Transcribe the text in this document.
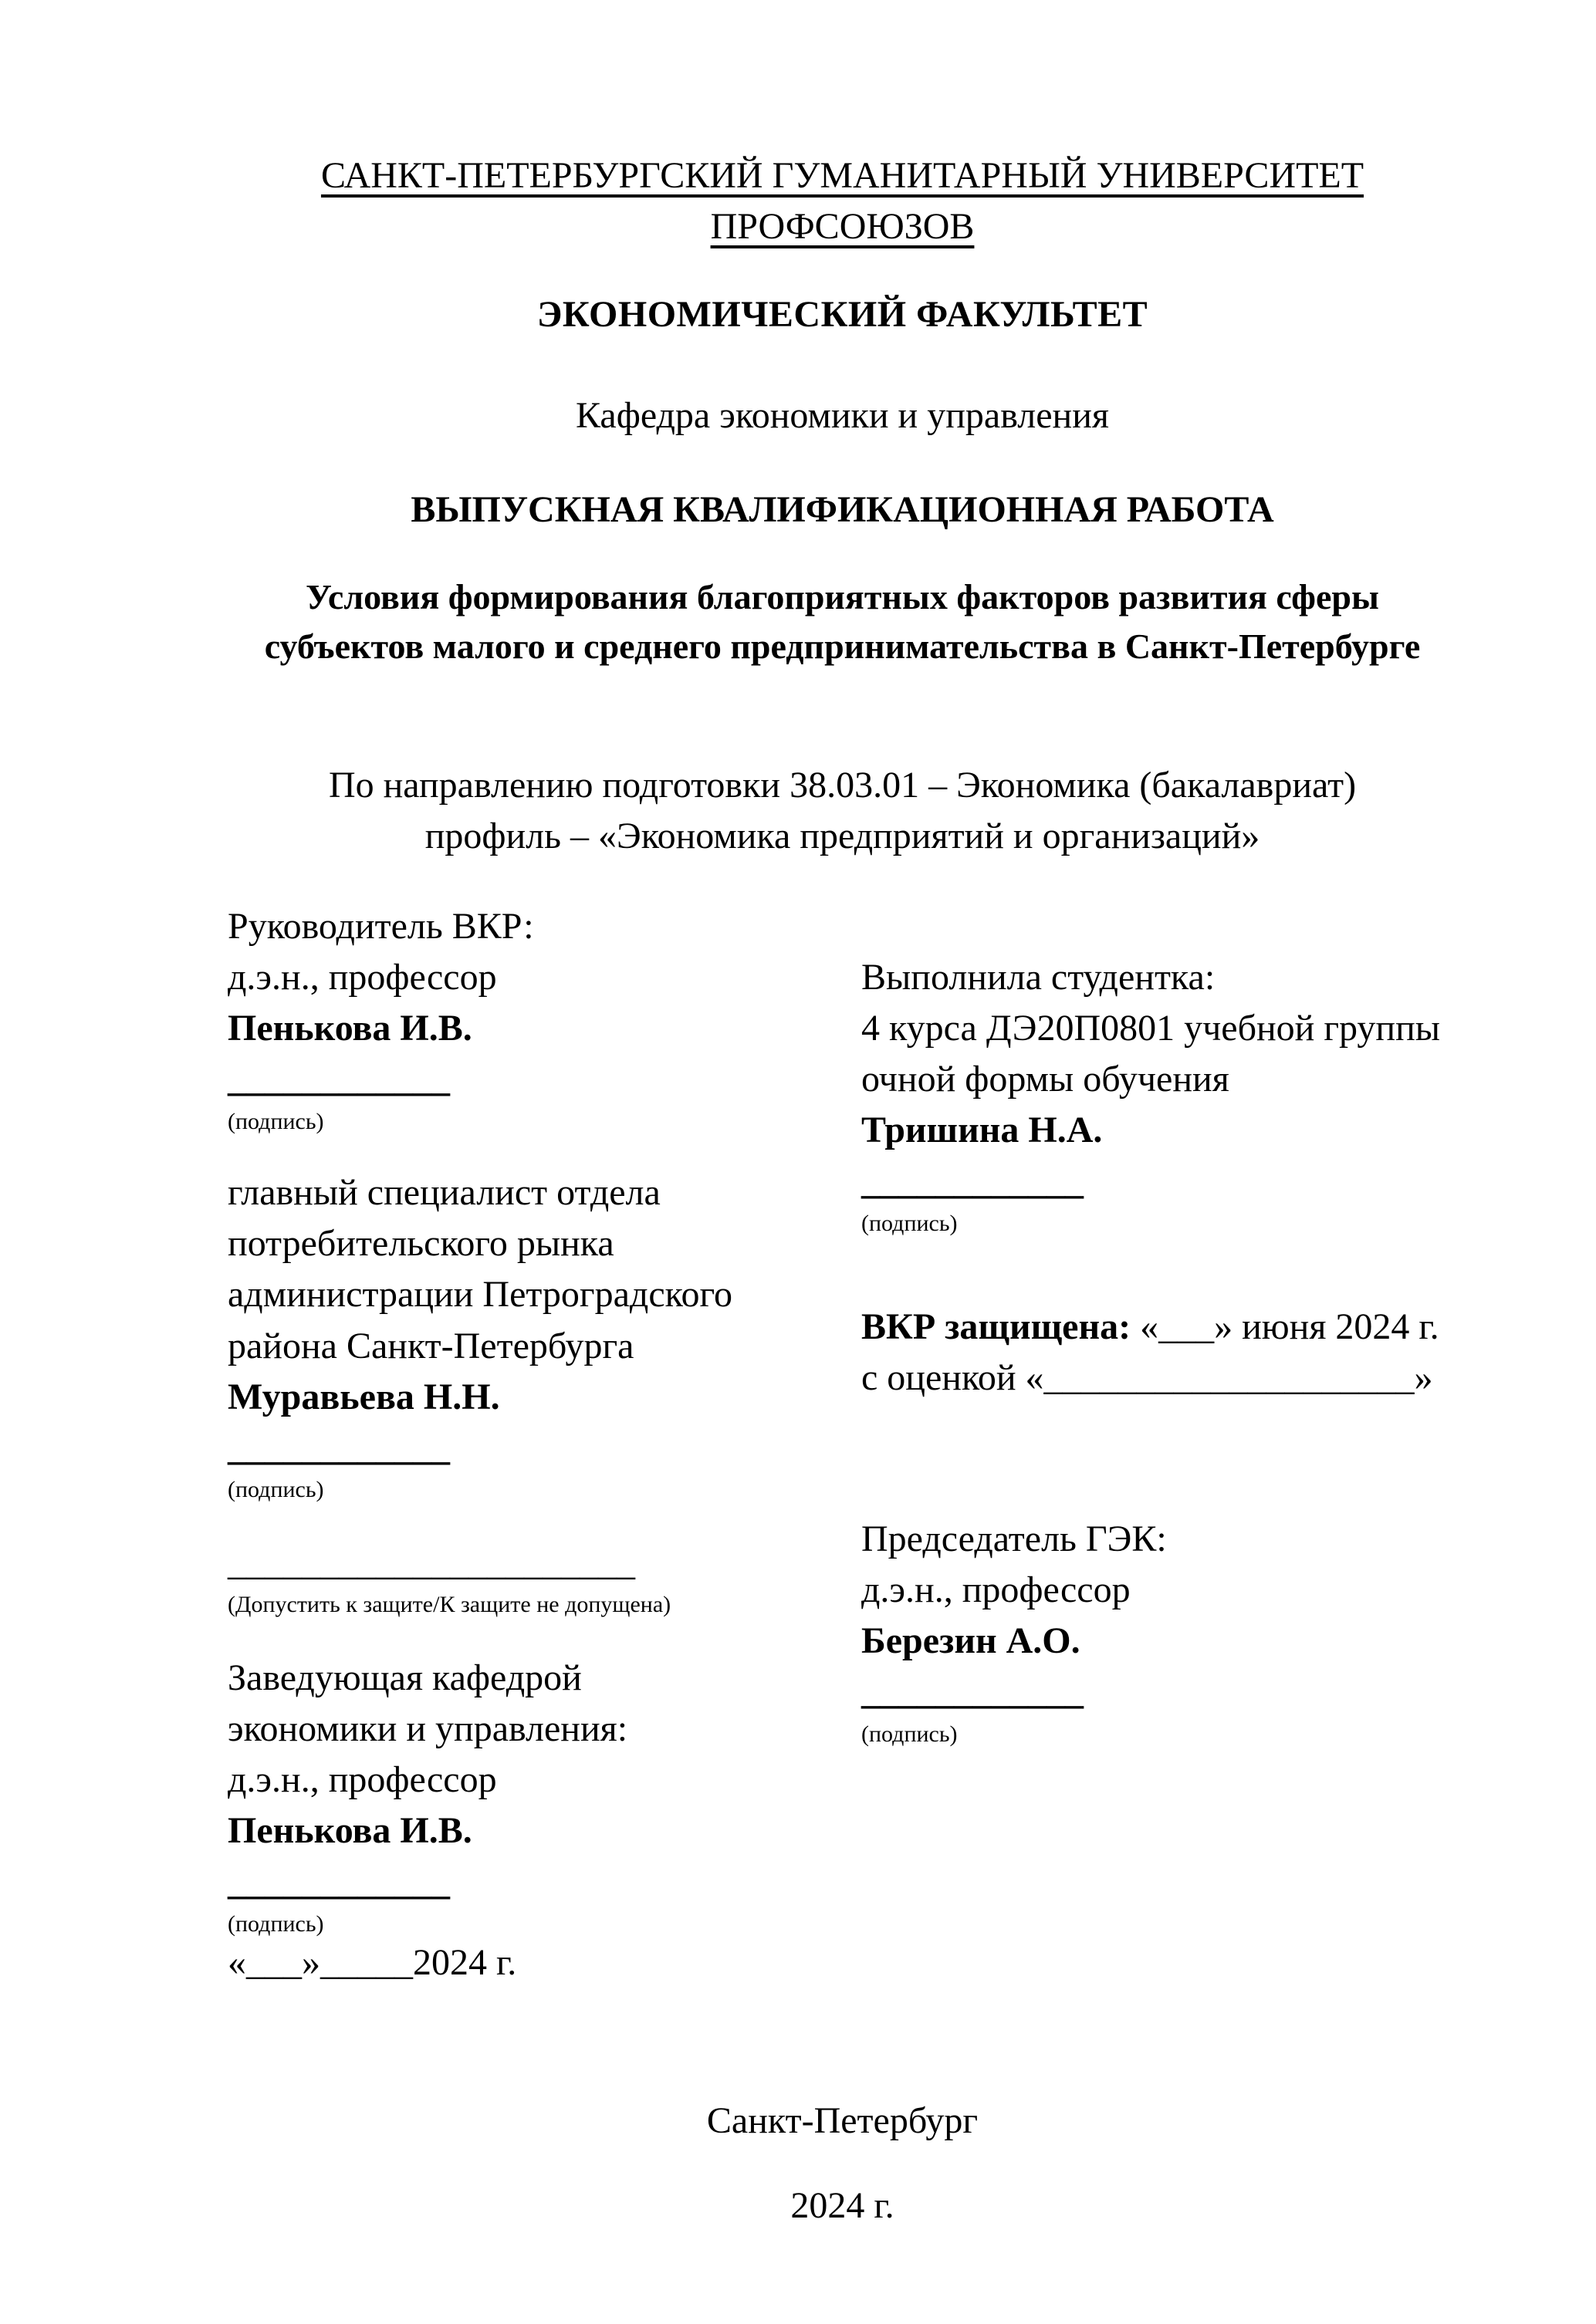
САНКТ-ПЕТЕРБУРГСКИЙ ГУМАНИТАРНЫЙ УНИВЕРСИТЕТ
ПРОФСОЮЗОВ
ЭКОНОМИЧЕСКИЙ ФАКУЛЬТЕТ
Кафедра экономики и управления
ВЫПУСКНАЯ КВАЛИФИКАЦИОННАЯ РАБОТА
Условия формирования благоприятных факторов развития сферы
субъектов малого и среднего предпринимательства в Санкт-Петербурге
По направлению подготовки 38.03.01 – Экономика (бакалавриат)
профиль – «Экономика предприятий и организаций»
Руководитель ВКР:
д.э.н., профессор
Пенькова И.В.
____________
(подпись)
главный специалист отдела
потребительского рынка
администрации Петроградского
района Санкт-Петербурга
Муравьева Н.Н.
____________
(подпись)
______________________
(Допустить к защите/К защите не допущена)
Заведующая кафедрой
экономики и управления:
д.э.н., профессор
Пенькова И.В.
____________
(подпись)
«___»_____2024 г.
Выполнила студентка:
4 курса ДЭ20П0801 учебной группы
очной формы обучения
Тришина Н.А.
____________
(подпись)
ВКР защищена: «___» июня 2024 г.
с оценкой «____________________»
Председатель ГЭК:
д.э.н., профессор
Березин А.О.
____________
(подпись)
Санкт-Петербург
2024 г.
